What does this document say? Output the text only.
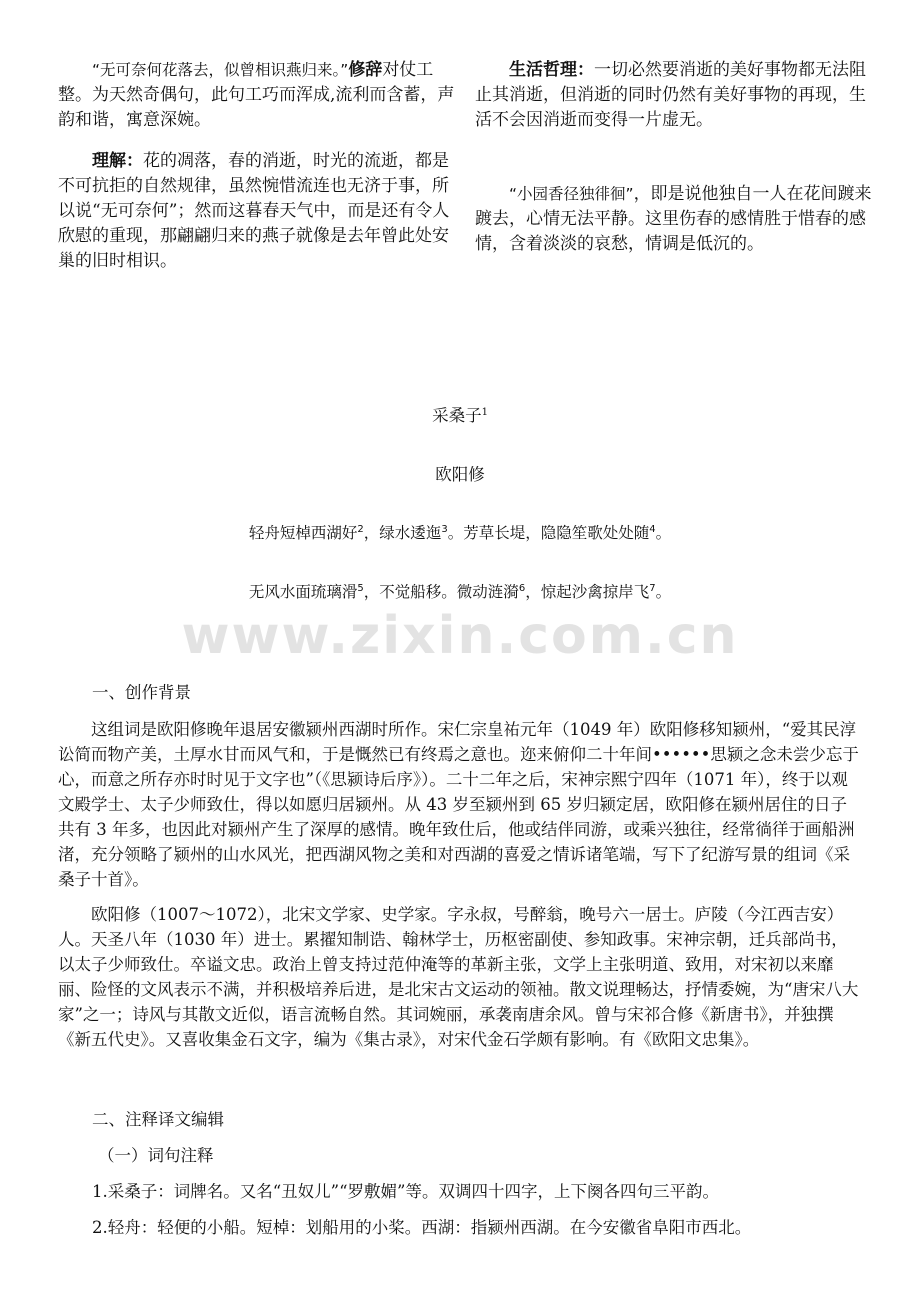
“无可奈何花落去，似曾相识燕归来。”修辞对仗工整。为天然奇偶句，此句工巧而浑成,流利而含蓄，声韵和谐，寓意深婉。

理解：花的凋落，春的消逝，时光的流逝，都是不可抗拒的自然规律，虽然惋惜流连也无济于事，所以说“无可奈何”；然而这暮春天气中，而是还有令人欣慰的重现，那翩翩归来的燕子就像是去年曾此处安巢的旧时相识。

生活哲理：一切必然要消逝的美好事物都无法阻止其消逝，但消逝的同时仍然有美好事物的再现，生活不会因消逝而变得一片虚无。

“小园香径独徘徊”，即是说他独自一人在花间踱来踱去，心情无法平静。这里伤春的感情胜于惜春的感情，含着淡淡的哀愁，情调是低沉的。

采桑子$^1$
欧阳修
轻舟短棹西湖好$^2$，绿水逶迤$^3$。芳草长堤，隐隐笙歌处处随$^4$。
无风水面琉璃滑$^5$，不觉船移。微动涟漪$^6$，惊起沙禽掠岸飞$^7$。
www.zixin.com.cn

一、创作背景

这组词是欧阳修晚年退居安徽颍州西湖时所作。宋仁宗皇祐元年（1049 年）欧阳修移知颍州，“爱其民淳讼简而物产美，土厚水甘而风气和，于是慨然已有终焉之意也。迩来俯仰二十年间••••••思颍之念未尝少忘于心，而意之所存亦时时见于文字也”（《思颍诗后序》）。二十二年之后，宋神宗熙宁四年（1071 年），终于以观文殿学士、太子少师致仕，得以如愿归居颍州。从 43 岁至颍州到 65 岁归颍定居，欧阳修在颍州居住的日子共有 3 年多，也因此对颍州产生了深厚的感情。晚年致仕后，他或结伴同游，或乘兴独往，经常徜徉于画船洲渚，充分领略了颍州的山水风光，把西湖风物之美和对西湖的喜爱之情诉诸笔端，写下了纪游写景的组词《采桑子十首》。

欧阳修（1007～1072），北宋文学家、史学家。字永叔，号醉翁，晚号六一居士。庐陵（今江西吉安）人。天圣八年（1030 年）进士。累擢知制诰、翰林学士，历枢密副使、参知政事。宋神宗朝，迁兵部尚书，以太子少师致仕。卒谥文忠。政治上曾支持过范仲淹等的革新主张，文学上主张明道、致用，对宋初以来靡丽、险怪的文风表示不满，并积极培养后进，是北宋古文运动的领袖。散文说理畅达，抒情委婉，为“唐宋八大家”之一；诗风与其散文近似，语言流畅自然。其词婉丽，承袭南唐余风。曾与宋祁合修《新唐书》，并独撰《新五代史》。又喜收集金石文字，编为《集古录》，对宋代金石学颇有影响。有《欧阳文忠集》。

二、注释译文编辑

（一）词句注释

1.采桑子：词牌名。又名“丑奴儿”“罗敷媚”等。双调四十四字，上下阕各四句三平韵。

2.轻舟：轻便的小船。短棹：划船用的小桨。西湖：指颍州西湖。在今安徽省阜阳市西北。
